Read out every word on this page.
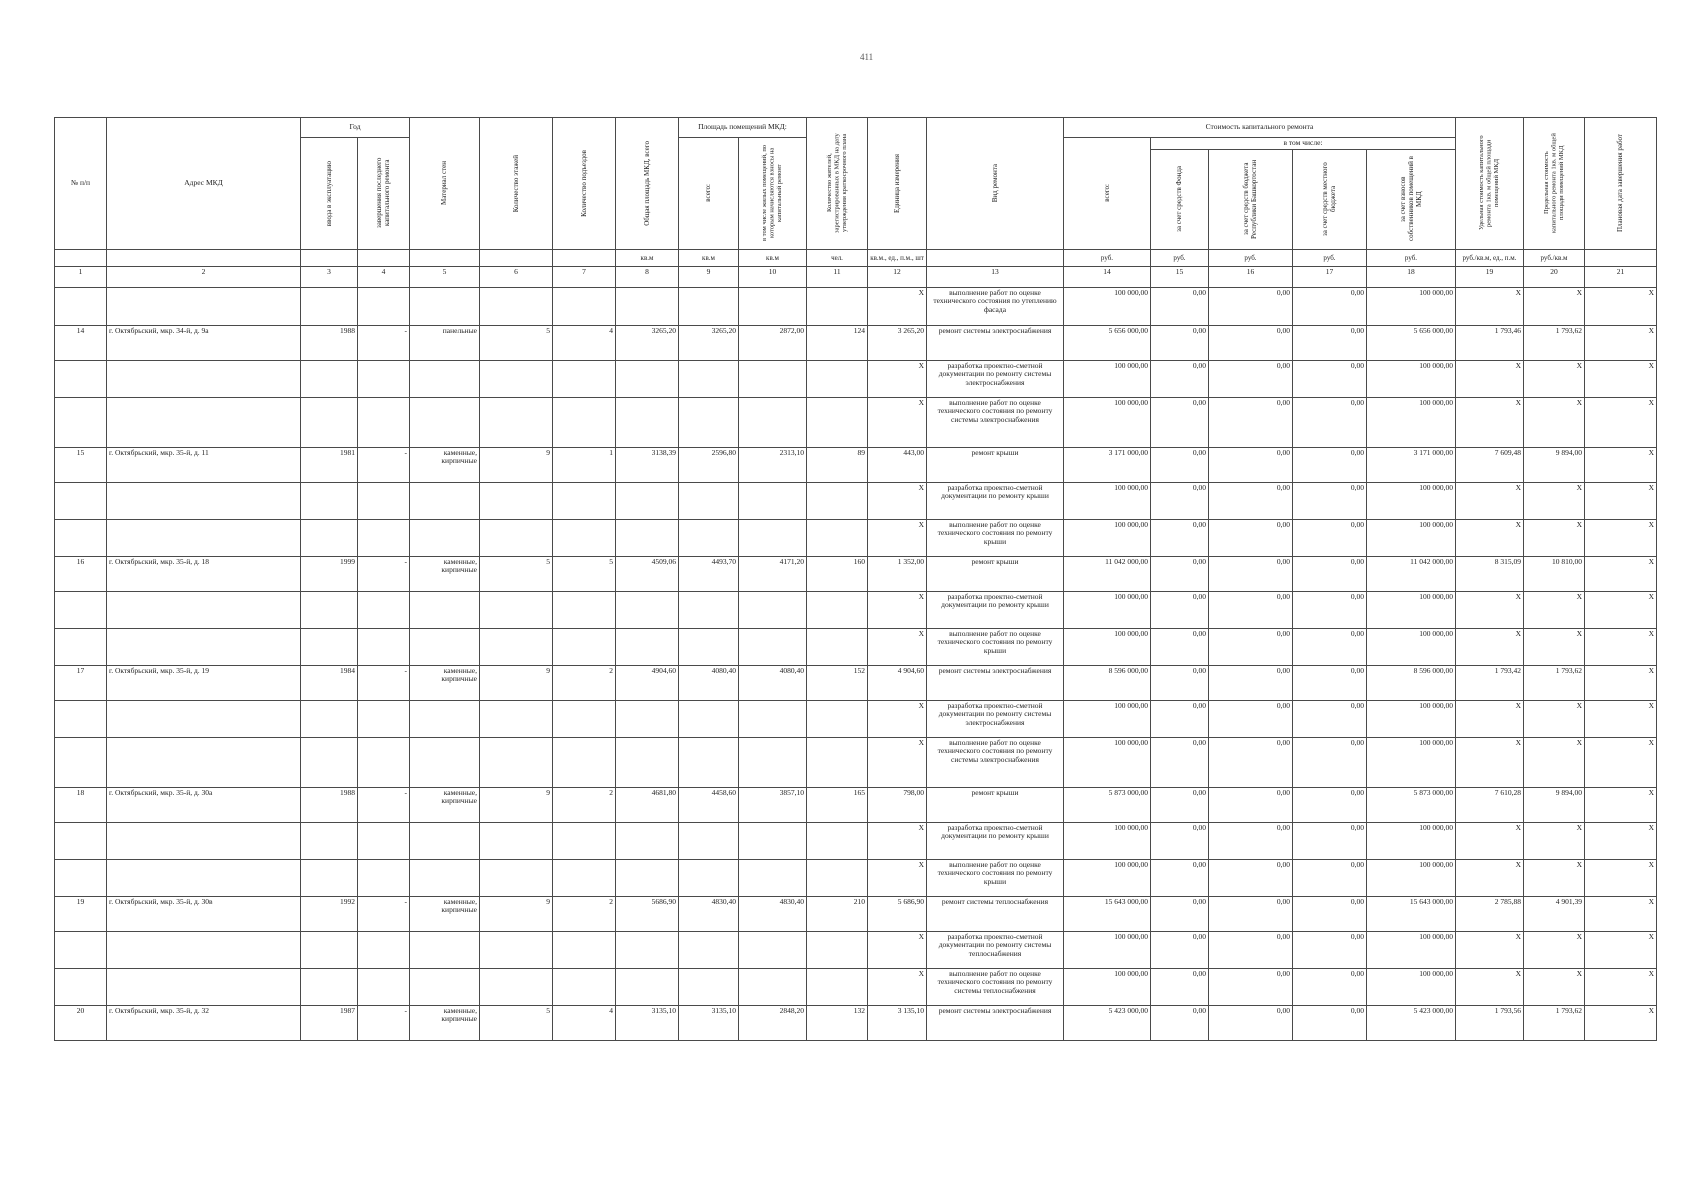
411
№ п/п	Адрес МКД	Год		Материал стен	Количество этажей	Количество подъездов	Общая площадь МКД, всего	Площадь помещений МКД:		Количество жителей, зарегистрированных в МКД на дату утверждения краткосрочного плана	Единица измерения	Вид ремонта	Стоимость капитального ремонта					Удельная стоимость капитального ремонта 1кв. м общей площади помещений МКД	Предельная стоимость капитального ремонта 1кв. м общей площади помещений МКД	Плановая дата завершения работ

		ввода в эксплуатацию	завершения последнего капитального ремонта					всего:	в том числе жилых помещений, по которым начисляются взносы на капитальный ремонт				всего:	в том числе:						

														за счет средств Фонда	за счет средств бюджета Республики Башкортостан	за счет средств местного бюджета	за счет взносов собственников помещений в МКД			

							кв.м	кв.м	кв.м	чел.	кв.м., ед., п.м., шт		руб.	руб.	руб.	руб.	руб.	руб./кв.м, ед., п.м.	руб./кв.м	
1	2	3	4	5	6	7	8	9	10	11	12	13	14	15	16	17	18	19	20	21
											X	выполнение работ по оценке технического состояния по утеплению фасада	100 000,00	0,00	0,00	0,00	100 000,00	X	X	X
14	г. Октябрьский, мкр. 34-й, д. 9а	1988	-	панельные	5	4	3265,20	3265,20	2872,00	124	3 265,20	ремонт системы электроснабжения	5 656 000,00	0,00	0,00	0,00	5 656 000,00	1 793,46	1 793,62	X
											X	разработка проектно-сметной документации по ремонту системы электроснабжения	100 000,00	0,00	0,00	0,00	100 000,00	X	X	X
											X	выполнение работ по оценке технического состояния по ремонту системы электроснабжения	100 000,00	0,00	0,00	0,00	100 000,00	X	X	X
15	г. Октябрьский, мкр. 35-й, д. 11	1981	-	каменные, кирпичные	9	1	3138,39	2596,80	2313,10	89	443,00	ремонт крыши	3 171 000,00	0,00	0,00	0,00	3 171 000,00	7 609,48	9 894,00	X
											X	разработка проектно-сметной документации по ремонту крыши	100 000,00	0,00	0,00	0,00	100 000,00	X	X	X
											X	выполнение работ по оценке технического состояния по ремонту крыши	100 000,00	0,00	0,00	0,00	100 000,00	X	X	X
16	г. Октябрьский, мкр. 35-й, д. 18	1999	-	каменные, кирпичные	5	5	4509,06	4493,70	4171,20	160	1 352,00	ремонт крыши	11 042 000,00	0,00	0,00	0,00	11 042 000,00	8 315,09	10 810,00	X
											X	разработка проектно-сметной документации по ремонту крыши	100 000,00	0,00	0,00	0,00	100 000,00	X	X	X
											X	выполнение работ по оценке технического состояния по ремонту крыши	100 000,00	0,00	0,00	0,00	100 000,00	X	X	X
17	г. Октябрьский, мкр. 35-й, д. 19	1984	-	каменные, кирпичные	9	2	4904,60	4080,40	4080,40	152	4 904,60	ремонт системы электроснабжения	8 596 000,00	0,00	0,00	0,00	8 596 000,00	1 793,42	1 793,62	X
											X	разработка проектно-сметной документации по ремонту системы электроснабжения	100 000,00	0,00	0,00	0,00	100 000,00	X	X	X
											X	выполнение работ по оценке технического состояния по ремонту системы электроснабжения	100 000,00	0,00	0,00	0,00	100 000,00	X	X	X
18	г. Октябрьский, мкр. 35-й, д. 30а	1988	-	каменные, кирпичные	9	2	4681,80	4458,60	3857,10	165	798,00	ремонт крыши	5 873 000,00	0,00	0,00	0,00	5 873 000,00	7 610,28	9 894,00	X
											X	разработка проектно-сметной документации по ремонту крыши	100 000,00	0,00	0,00	0,00	100 000,00	X	X	X
											X	выполнение работ по оценке технического состояния по ремонту крыши	100 000,00	0,00	0,00	0,00	100 000,00	X	X	X
19	г. Октябрьский, мкр. 35-й, д. 30в	1992	-	каменные, кирпичные	9	2	5686,90	4830,40	4830,40	210	5 686,90	ремонт системы теплоснабжения	15 643 000,00	0,00	0,00	0,00	15 643 000,00	2 785,88	4 901,39	X
											X	разработка проектно-сметной документации по ремонту системы теплоснабжения	100 000,00	0,00	0,00	0,00	100 000,00	X	X	X
											X	выполнение работ по оценке технического состояния по ремонту системы теплоснабжения	100 000,00	0,00	0,00	0,00	100 000,00	X	X	X
20	г. Октябрьский, мкр. 35-й, д. 32	1987	-	каменные, кирпичные	5	4	3135,10	3135,10	2848,20	132	3 135,10	ремонт системы электроснабжения	5 423 000,00	0,00	0,00	0,00	5 423 000,00	1 793,56	1 793,62	X
